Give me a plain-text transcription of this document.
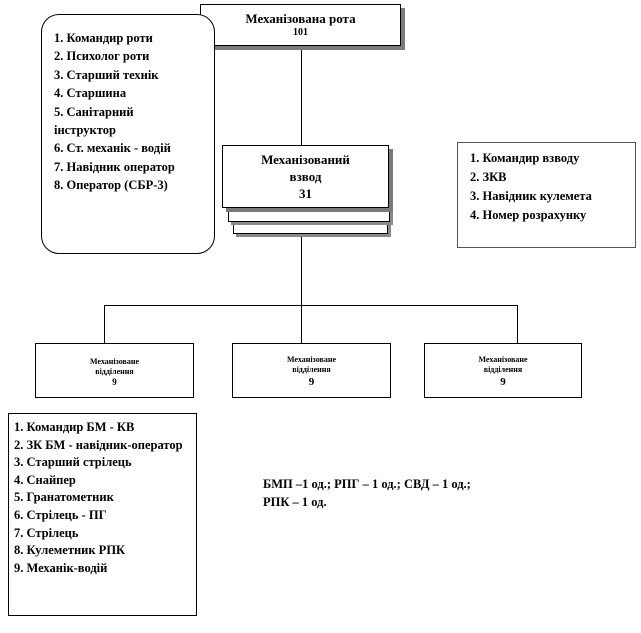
Механізована рота
101
1. Командир роти
2. Психолог роти
3. Старший технік
4. Старшина
5. Санітарний інструктор
6. Ст. механік - водій
7. Навідник оператор
8. Оператор (СБР-3)
Механізований взвод
31
1. Командир взводу
2. ЗКВ
3. Навідник кулемета
4. Номер розрахунку
Механізоване відділення
9
Механізоване відділення
9
Механізоване відділення
9
1. Командир БМ - КВ
2. ЗК БМ - навідник-оператор
3. Старший стрілець
4. Снайпер
5. Гранатометник
6. Стрілець - ПГ
7. Стрілець
8. Кулеметник РПК
9. Механік-водій
БМП –1 од.; РПГ – 1 од.; СВД – 1 од.;
РПК – 1 од.
